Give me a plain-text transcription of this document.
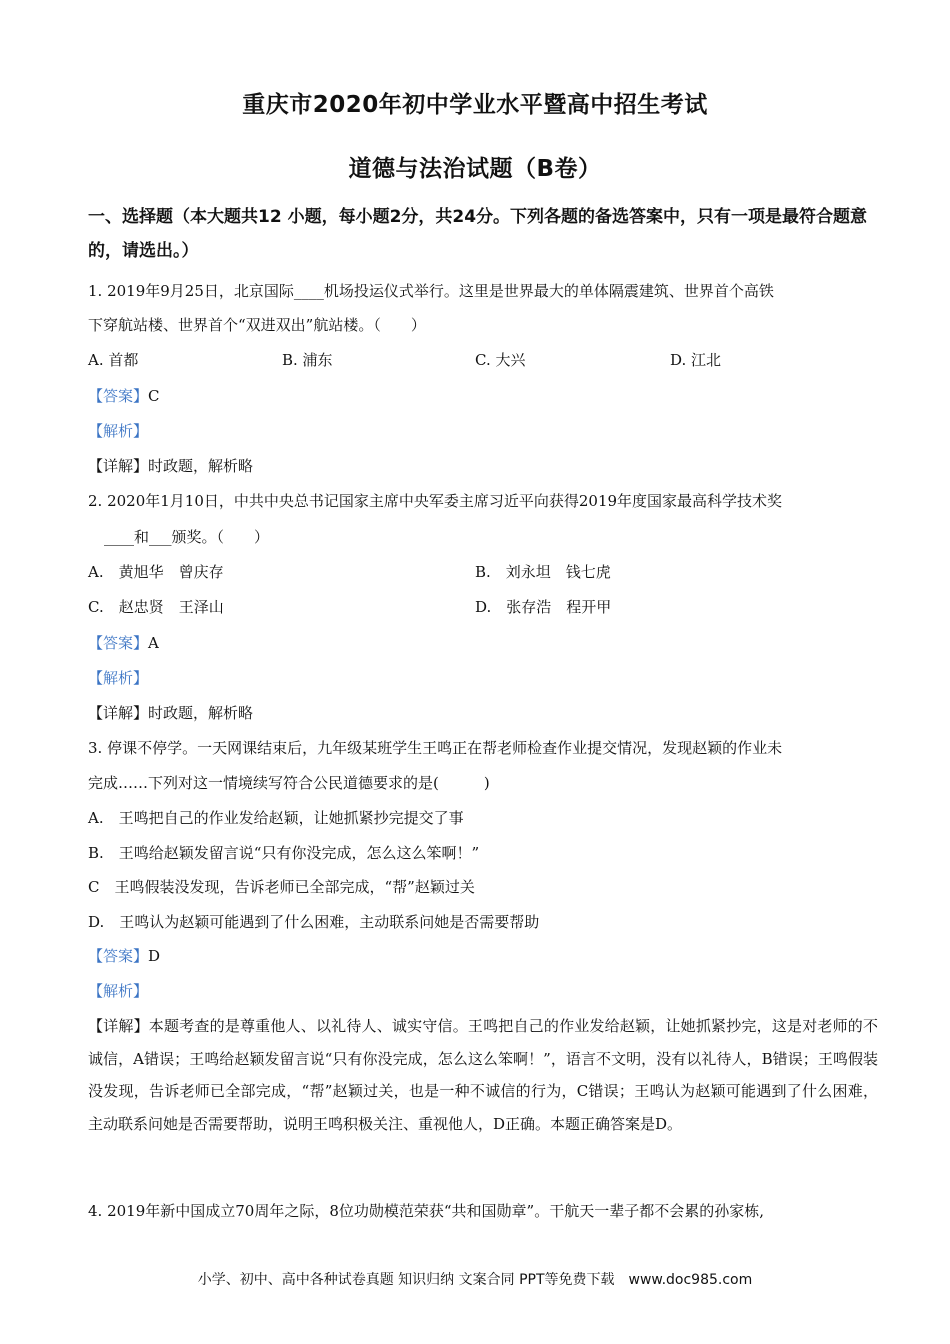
重庆市2020年初中学业水平暨高中招生考试
道德与法治试题（B卷）
一、选择题（本大题共12 小题，每小题2分，共24分。下列各题的备选答案中，只有一项是最符合题意的，请选出。）
1. 2019年9月25日，北京国际____机场投运仪式举行。这里是世界最大的单体隔震建筑、世界首个高铁
下穿航站楼、世界首个“双进双出”航站楼。（　　）
A. 首都	B. 浦东	C. 大兴	D. 江北
【答案】C
【解析】
【详解】时政题，解析略
2. 2020年1月10日，中共中央总书记国家主席中央军委主席习近平向获得2019年度国家最高科学技术奖
____和___颁奖。（　　）
A.　黄旭华　曾庆存	B.　刘永坦　钱七虎
C.　赵忠贤　王泽山	D.　张存浩　程开甲
【答案】A
【解析】
【详解】时政题，解析略
3. 停课不停学。一天网课结束后，九年级某班学生王鸣正在帮老师检查作业提交情况，发现赵颖的作业未
完成……下列对这一情境续写符合公民道德要求的是(　　　)
A.　王鸣把自己的作业发给赵颖，让她抓紧抄完提交了事
B.　王鸣给赵颖发留言说“只有你没完成，怎么这么笨啊！”
C　王鸣假装没发现，告诉老师已全部完成，“帮”赵颖过关
D.　王鸣认为赵颖可能遇到了什么困难，主动联系问她是否需要帮助
【答案】D
【解析】
【详解】本题考查的是尊重他人、以礼待人、诚实守信。王鸣把自己的作业发给赵颖，让她抓紧抄完，这是对老师的不诚信，A错误；王鸣给赵颖发留言说“只有你没完成，怎么这么笨啊！”，语言不文明，没有以礼待人，B错误；王鸣假装没发现，告诉老师已全部完成，“帮”赵颖过关，也是一种不诚信的行为，C错误；王鸣认为赵颖可能遇到了什么困难，主动联系问她是否需要帮助，说明王鸣积极关注、重视他人，D正确。本题正确答案是D。
4. 2019年新中国成立70周年之际，8位功勋模范荣获“共和国勋章”。干航天一辈子都不会累的孙家栋,
小学、初中、高中各种试卷真题 知识归纳 文案合同 PPT等免费下载　www.doc985.com
